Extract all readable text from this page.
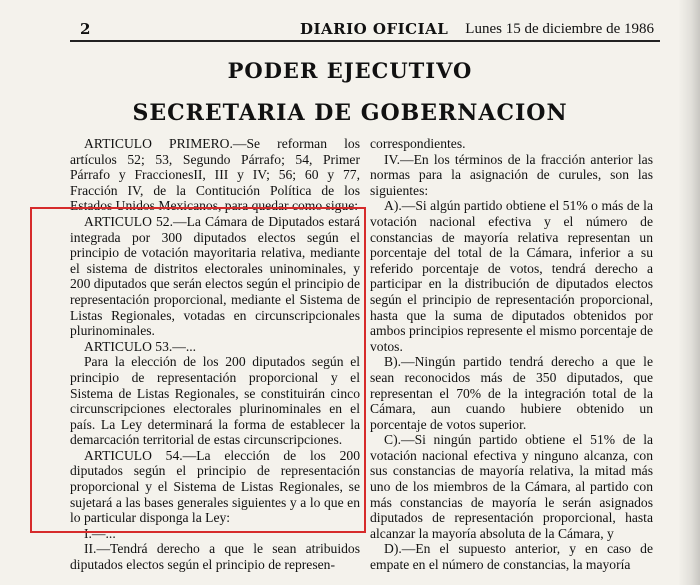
2	DIARIO OFICIAL Lunes 15 de diciembre de 1986
PODER EJECUTIVO
SECRETARIA DE GOBERNACION

ARTICULO PRIMERO.—Se reforman los artículos 52; 53, Segundo Párrafo; 54, Primer Párrafo y FraccionesII, III y IV; 56; 60 y 77, Fracción IV, de la Contitución Política de los Estados Unidos Mexicanos, para quedar como sigue:

ARTICULO 52.—La Cámara de Diputados estará integrada por 300 diputados electos según el principio de votación mayoritaria relativa, mediante el sistema de distritos electorales uninominales, y 200 diputados que serán electos según el principio de representación proporcional, mediante el Sistema de Listas Regionales, votadas en circunscripcionales plurinominales.

ARTICULO 53.—...

Para la elección de los 200 diputados según el principio de representación proporcional y el Sistema de Listas Regionales, se constituirán cinco circunscripciones electorales plurinominales en el país. La Ley determinará la forma de establecer la demarcación territorial de estas circunscripciones.

ARTICULO 54.—La elección de los 200 diputados según el principio de representación proporcional y el Sistema de Listas Regionales, se sujetará a las bases generales siguientes y a lo que en lo particular disponga la Ley:

I.—...

II.—Tendrá derecho a que le sean atribuidos diputados electos según el principio de represen-

correspondientes.

IV.—En los términos de la fracción anterior las normas para la asignación de curules, son las siguientes:

A).—Si algún partido obtiene el 51% o más de la votación nacional efectiva y el número de constancias de mayoría relativa representan un porcentaje del total de la Cámara, inferior a su referido porcentaje de votos, tendrá derecho a participar en la distribución de diputados electos según el principio de representación proporcional, hasta que la suma de diputados obtenidos por ambos principios represente el mismo porcentaje de votos.

B).—Ningún partido tendrá derecho a que le sean reconocidos más de 350 diputados, que representan el 70% de la integración total de la Cámara, aun cuando hubiere obtenido un porcentaje de votos superior.

C).—Si ningún partido obtiene el 51% de la votación nacional efectiva y ninguno alcanza, con sus constancias de mayoría relativa, la mitad más uno de los miembros de la Cámara, al partido con más constancias de mayoría le serán asignados diputados de representación proporcional, hasta alcanzar la mayoría absoluta de la Cámara, y

D).—En el supuesto anterior, y en caso de empate en el número de constancias, la mayoría
